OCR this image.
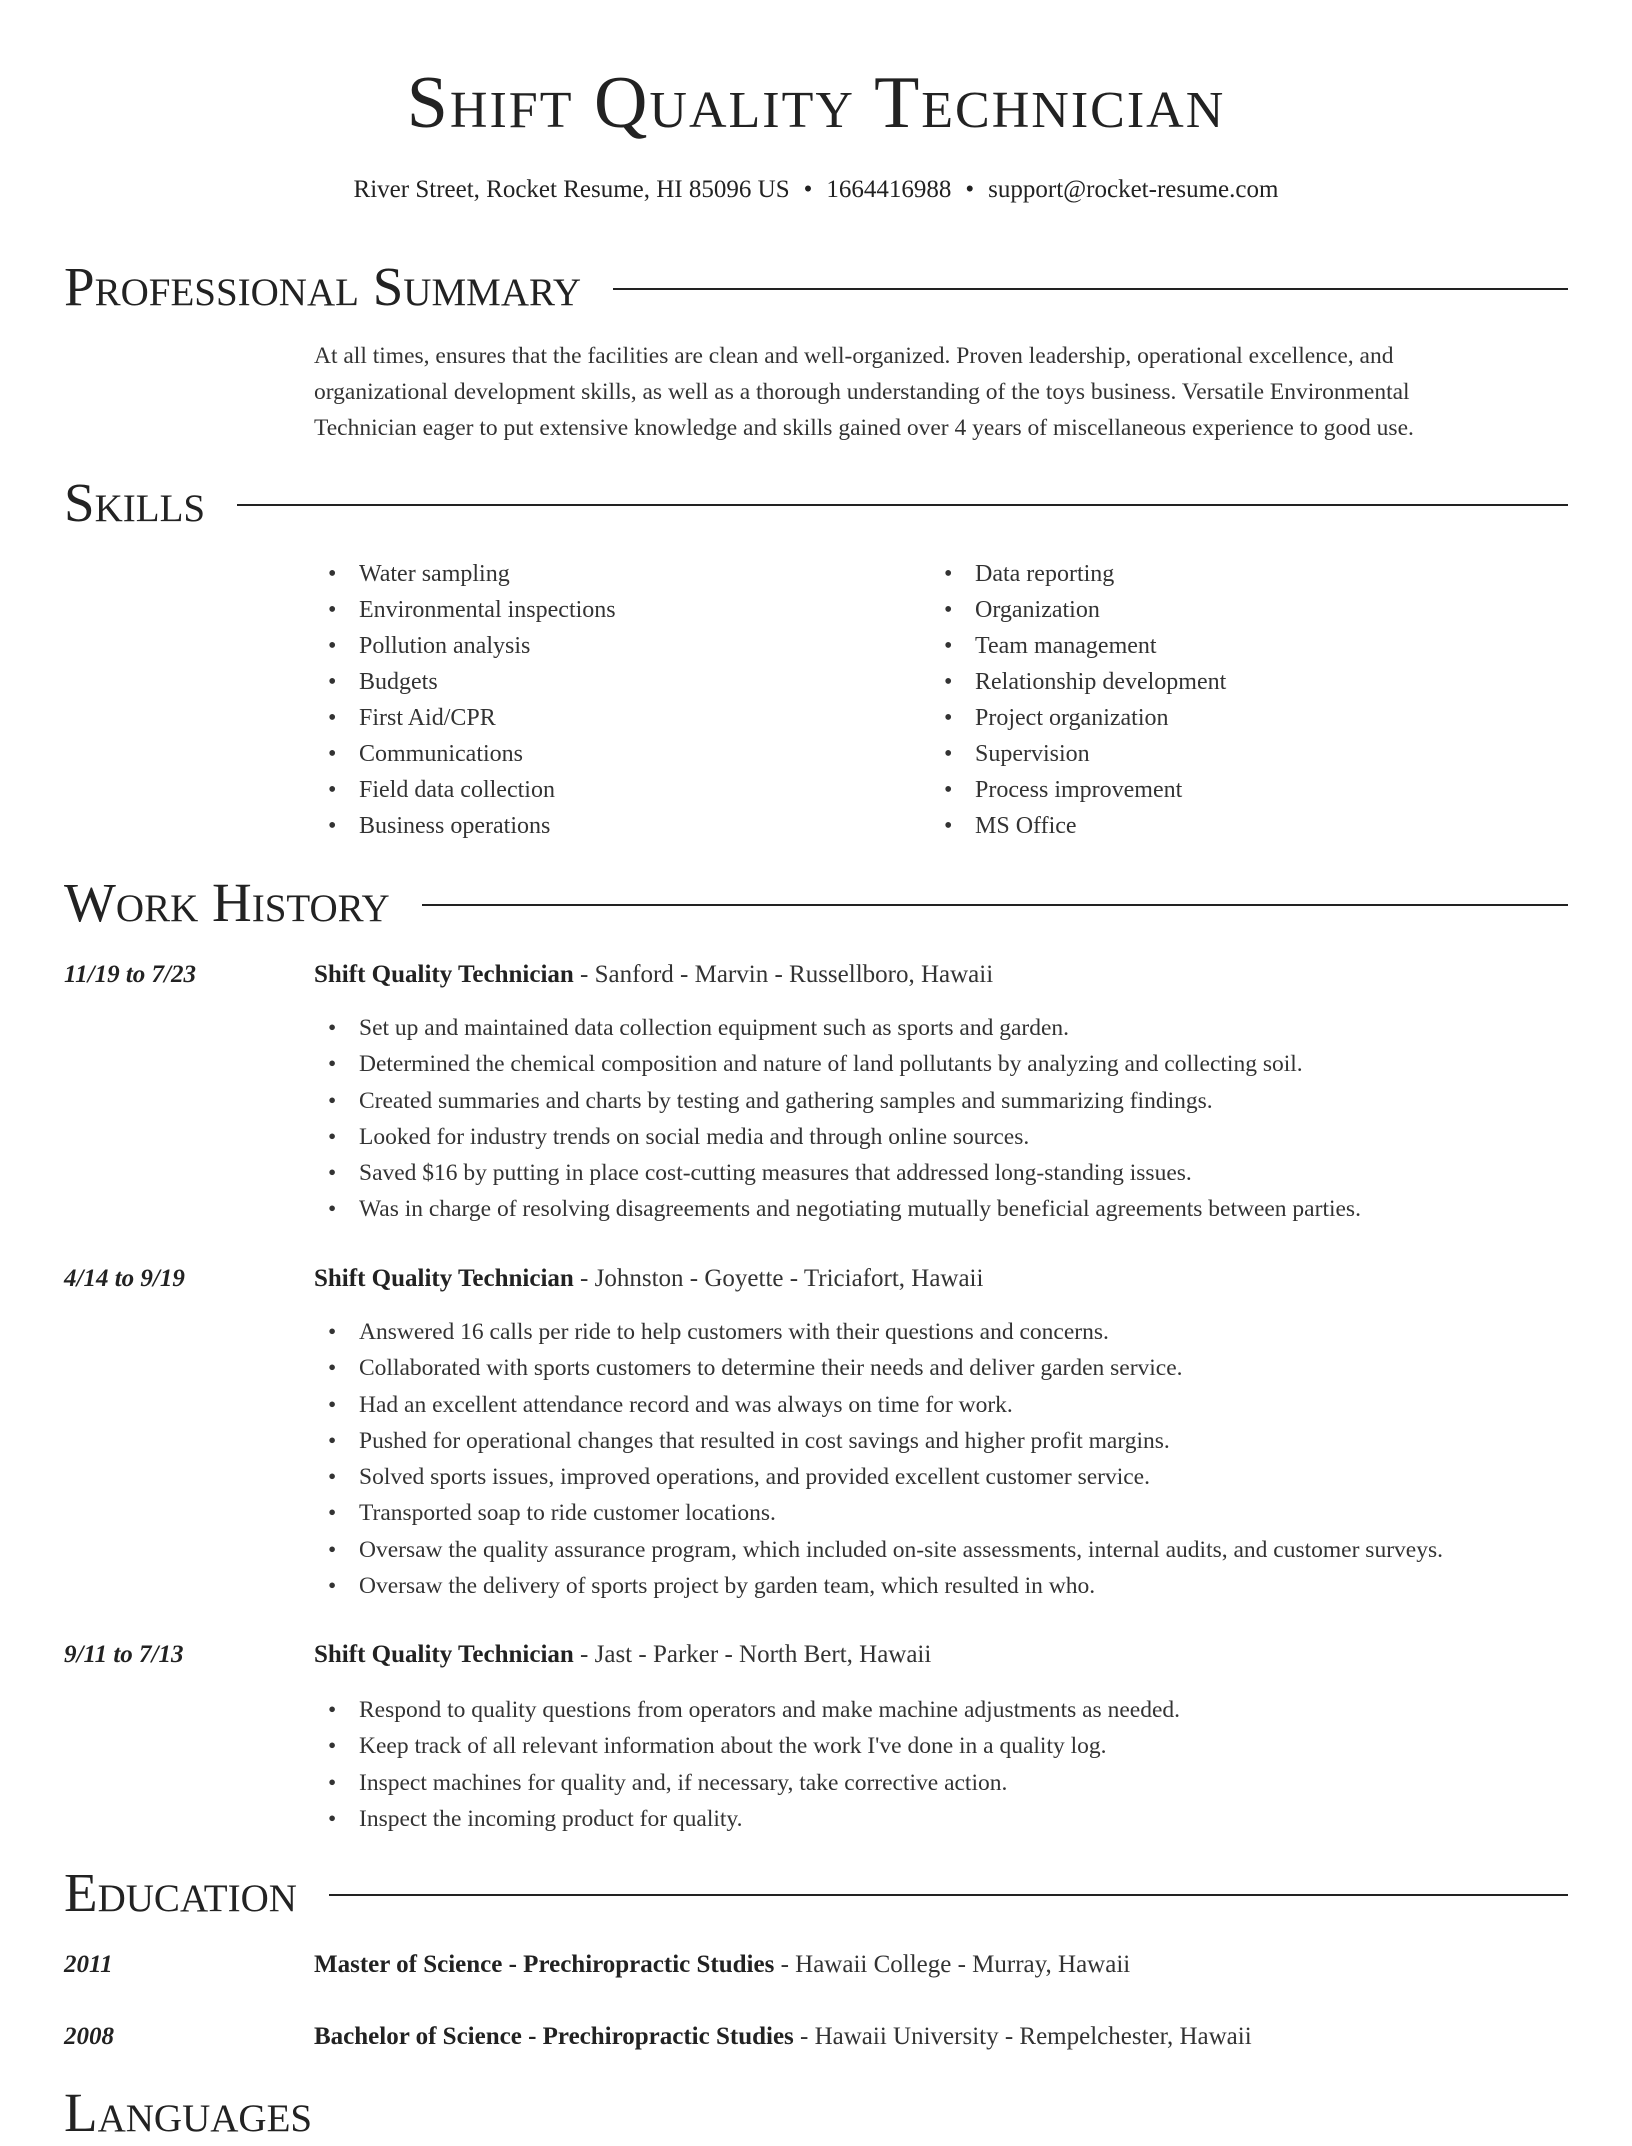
Shift Quality Technician
River Street, Rocket Resume, HI 85096 US • 1664416988 • support@rocket-resume.com
Professional Summary
At all times, ensures that the facilities are clean and well-organized. Proven leadership, operational excellence, and organizational development skills, as well as a thorough understanding of the toys business. Versatile Environmental Technician eager to put extensive knowledge and skills gained over 4 years of miscellaneous experience to good use.
Skills
• Water sampling
• Environmental inspections
• Pollution analysis
• Budgets
• First Aid/CPR
• Communications
• Field data collection
• Business operations
• Data reporting
• Organization
• Team management
• Relationship development
• Project organization
• Supervision
• Process improvement
• MS Office
Work History
11/19 to 7/23	Shift Quality Technician - Sanford - Marvin - Russellboro, Hawaii
• Set up and maintained data collection equipment such as sports and garden.
• Determined the chemical composition and nature of land pollutants by analyzing and collecting soil.
• Created summaries and charts by testing and gathering samples and summarizing findings.
• Looked for industry trends on social media and through online sources.
• Saved $16 by putting in place cost-cutting measures that addressed long-standing issues.
• Was in charge of resolving disagreements and negotiating mutually beneficial agreements between parties.
4/14 to 9/19	Shift Quality Technician - Johnston - Goyette - Triciafort, Hawaii
• Answered 16 calls per ride to help customers with their questions and concerns.
• Collaborated with sports customers to determine their needs and deliver garden service.
• Had an excellent attendance record and was always on time for work.
• Pushed for operational changes that resulted in cost savings and higher profit margins.
• Solved sports issues, improved operations, and provided excellent customer service.
• Transported soap to ride customer locations.
• Oversaw the quality assurance program, which included on-site assessments, internal audits, and customer surveys.
• Oversaw the delivery of sports project by garden team, which resulted in who.
9/11 to 7/13	Shift Quality Technician - Jast - Parker - North Bert, Hawaii
• Respond to quality questions from operators and make machine adjustments as needed.
• Keep track of all relevant information about the work I've done in a quality log.
• Inspect machines for quality and, if necessary, take corrective action.
• Inspect the incoming product for quality.
Education
2011	Master of Science - Prechiropractic Studies - Hawaii College - Murray, Hawaii
2008	Bachelor of Science - Prechiropractic Studies - Hawaii University - Rempelchester, Hawaii
Languages
